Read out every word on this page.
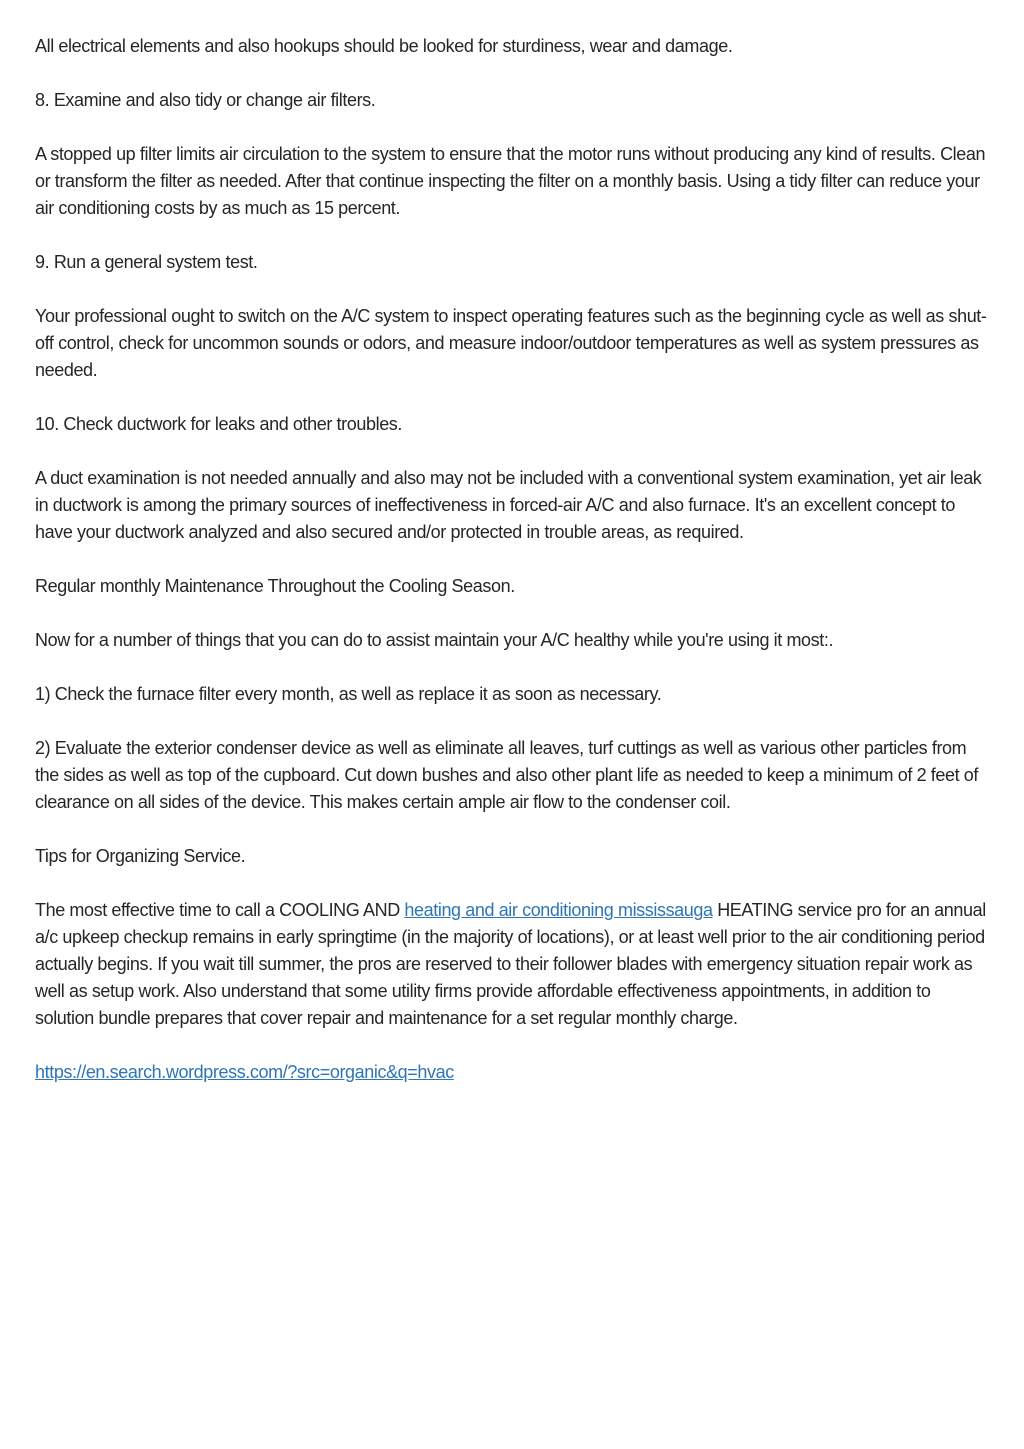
All electrical elements and also hookups should be looked for sturdiness, wear and damage.

8. Examine and also tidy or change air filters.

A stopped up filter limits air circulation to the system to ensure that the motor runs without producing any kind of results. Clean or transform the filter as needed. After that continue inspecting the filter on a monthly basis. Using a tidy filter can reduce your air conditioning costs by as much as 15 percent.

9. Run a general system test.

Your professional ought to switch on the A/C system to inspect operating features such as the beginning cycle as well as shut-off control, check for uncommon sounds or odors, and measure indoor/outdoor temperatures as well as system pressures as needed.

10. Check ductwork for leaks and other troubles.

A duct examination is not needed annually and also may not be included with a conventional system examination, yet air leak in ductwork is among the primary sources of ineffectiveness in forced-air A/C and also furnace. It's an excellent concept to have your ductwork analyzed and also secured and/or protected in trouble areas, as required.

Regular monthly Maintenance Throughout the Cooling Season.

Now for a number of things that you can do to assist maintain your A/C healthy while you're using it most:.

1) Check the furnace filter every month, as well as replace it as soon as necessary.

2) Evaluate the exterior condenser device as well as eliminate all leaves, turf cuttings as well as various other particles from the sides as well as top of the cupboard. Cut down bushes and also other plant life as needed to keep a minimum of 2 feet of clearance on all sides of the device. This makes certain ample air flow to the condenser coil.

Tips for Organizing Service.

The most effective time to call a COOLING AND heating and air conditioning mississauga HEATING service pro for an annual a/c upkeep checkup remains in early springtime (in the majority of locations), or at least well prior to the air conditioning period actually begins. If you wait till summer, the pros are reserved to their follower blades with emergency situation repair work as well as setup work. Also understand that some utility firms provide affordable effectiveness appointments, in addition to solution bundle prepares that cover repair and maintenance for a set regular monthly charge.

https://en.search.wordpress.com/?src=organic&q=hvac
